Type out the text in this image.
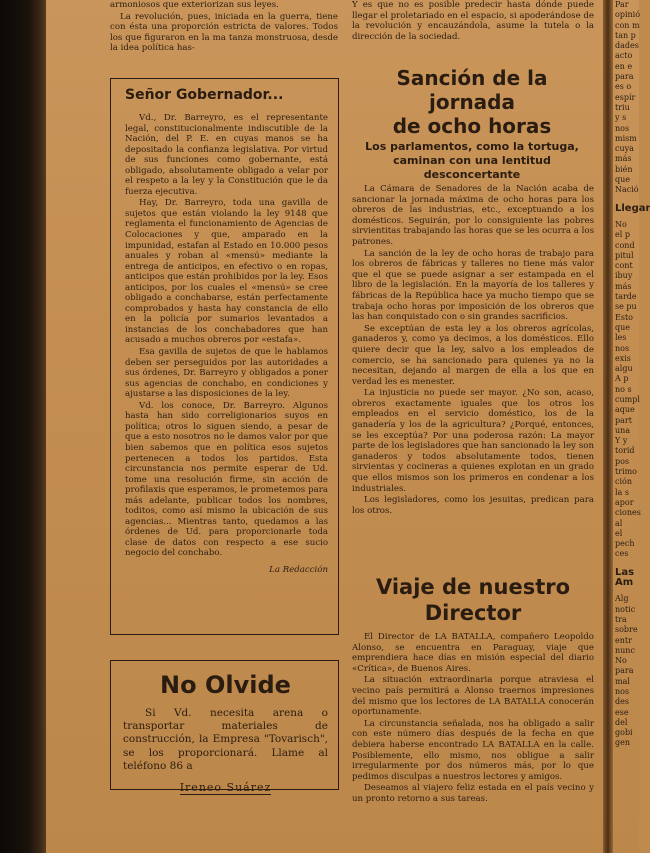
armoniosos que exteriorizan sus leyes.

La revolución, pues, iniciada en la guerra, tiene con ésta una proporción estricta de valores. Todos los que figuraron en la ma tanza monstruosa, desde la idea política has-

Señor Gobernador...

Vd., Dr. Barreyro, es el representante legal, constitucionalmente indiscutible de la Nación, del P. E. en cuyas manos se ha depositado la confianza legislativa. Por virtud de sus funciones como gobernante, está obligado, absolutamente obligado a velar por el respeto a la ley y la Constitución que le da fuerza ejecutiva.

Hay, Dr. Barreyro, toda una gavilla de sujetos que están violando la ley 9148 que reglamenta el funcionamiento de Agencias de Colocaciones y que, amparado en la impunidad, estafan al Estado en 10.000 pesos anuales y roban al «mensú» mediante la entrega de anticipos, en efectivo o en ropas, anticipos que están prohibidos por la ley. Esos anticipos, por los cuales el «mensú» se cree obligado a conchabarse, están perfectamente comprobados y hasta hay constancia de ello en la policía por sumarios levantados a instancias de los conchabadores que han acusado a muchos obreros por «estafa».

Esa gavilla de sujetos de que le hablamos deben ser perseguidos por las autoridades a sus órdenes, Dr. Barreyro y obligados a poner sus agencias de conchabo, en condiciones y ajustarse a las disposiciones de la ley.

Vd. los conoce, Dr. Barreyro. Algunos hasta han sido correligionarios suyos en política; otros lo siguen siendo, a pesar de que a esto nosotros no le damos valor por que bien sabemos que en política esos sujetos pertenecen a todos los partidos. Esta circunstancia nos permite esperar de Ud. tome una resolución firme, sin acción de profilaxis que esperamos, le prometemos para más adelante, publicar todos los nombres, toditos, como así mismo la ubicación de sus agencias... Mientras tanto, quedamos a las órdenes de Ud. para proporcionarle toda clase de datos con respecto a ese sucio negocio del conchabo.

La Redacción
No Olvide

Si Vd. necesita arena o transportar materiales de construcción, la Empresa "Tovarisch", se los proporcionará. Llame al teléfono 86 a

Ireneo Suárez

Y es que no es posible predecir hasta dónde puede llegar el proletariado en el espacio, si apoderándose de la revolución y encauzándola, asume la tutela o la dirección de la sociedad.

Sanción de la jornada
de ocho horas
Los parlamentos, como la tortuga, caminan con una lentitud desconcertante

La Cámara de Senadores de la Nación acaba de sancionar la jornada máxima de ocho horas para los obreros de las industrias, etc., exceptuando a los domésticos. Seguirán, por lo consiguiente las pobres sirvientitas trabajando las horas que se les ocurra a los patrones.

La sanción de la ley de ocho horas de trabajo para los obreros de fábricas y talleres no tiene más valor que el que se puede asignar a ser estampada en el libro de la legislación. En la mayoría de los talleres y fábricas de la República hace ya mucho tiempo que se trabaja ocho horas por imposición de los obreros que las han conquistado con o sin grandes sacrificios.

Se exceptúan de esta ley a los obreros agrícolas, ganaderos y, como ya decimos, a los domésticos. Ello quiere decir que la ley, salvo a los empleados de comercio, se ha sancionado para quienes ya no la necesitan, dejando al margen de ella a los que en verdad les es menester.

La injusticia no puede ser mayor. ¿No son, acaso, obreros exactamente iguales que los otros los empleados en el servicio doméstico, los de la ganadería y los de la agricultura? ¿Porqué, entonces, se les exceptúa? Por una poderosa razón: La mayor parte de los legisladores que han sancionado la ley son ganaderos y todos absolutamente todos, tienen sirvientas y cocineras a quienes explotan en un grado que ellos mismos son los primeros en condenar a los industriales.

Los legisladores, como los jesuitas, predican para los otros.

Viaje de nuestro Director

El Director de LA BATALLA, compañero Leopoldo Alonso, se encuentra en Paraguay, viaje que emprendiera hace días en misión especial del diario «Crítica», de Buenos Aires.

La situación extraordinaria porque atraviesa el vecino país permitirá a Alonso traernos impresiones del mismo que los lectores de LA BATALLA conocerán oportunamente.

La circunstancia señalada, nos ha obligado a salir con este número días después de la fecha en que debiera haberse encontrado LA BATALLA en la calle. Posiblemente, ello mismo, nos obligue a salir irregularmente por dos números más, por lo que pedimos disculpas a nuestros lectores y amigos.

Deseamos al viajero feliz estada en el país vecino y un pronto retorno a sus tareas.

Par
opinió
con m
tan p
dades
acto
en e
para
es o
espír
triu
y s
nos
mism
cuya
más
bién
que
Nació
Llegar
No
el p
cond
pitul
cont
ibuy
más
tarde
se pu
Esto
que
les
nos
exis
algu
A p
no s
cumpl
aque
part
una
Y y
torid
pos
trimo
ción
la s
apor
ciones
al
el
pech
ces
Las Am
Alg
notic
tra
sobre
entr
nunc
No
para
mal
nos
des
ese
del
gobi
gen
